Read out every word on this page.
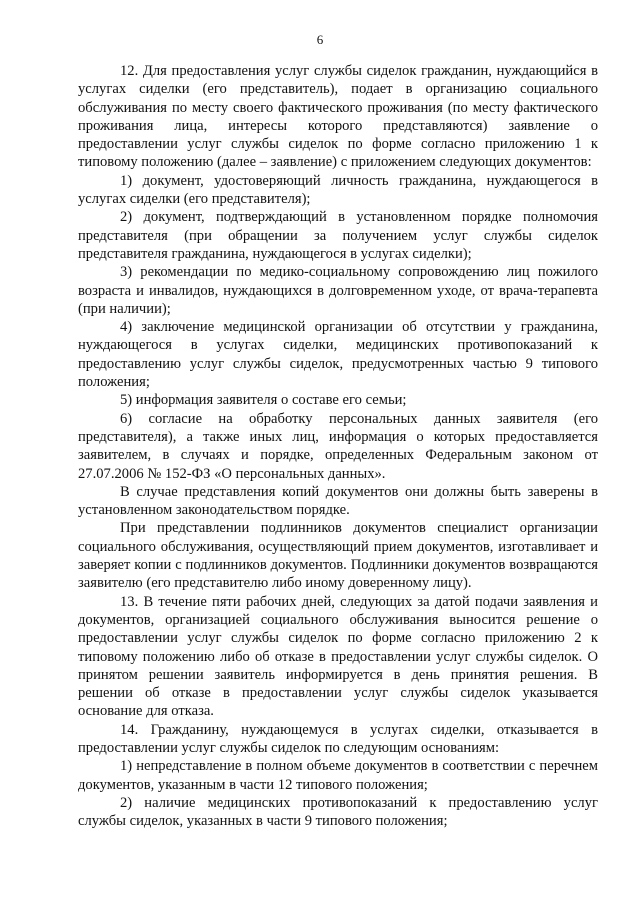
6

12. Для предоставления услуг службы сиделок гражданин, нуждающийся в услугах сиделки (его представитель), подает в организацию социального обслуживания по месту своего фактического проживания (по месту фактического проживания лица, интересы которого представляются) заявление о предоставлении услуг службы сиделок по форме согласно приложению 1 к типовому положению (далее – заявление) с приложением следующих документов:

1) документ, удостоверяющий личность гражданина, нуждающегося в услугах сиделки (его представителя);

2) документ, подтверждающий в установленном порядке полномочия представителя (при обращении за получением услуг службы сиделок представителя гражданина, нуждающегося в услугах сиделки);

3) рекомендации по медико-социальному сопровождению лиц пожилого возраста и инвалидов, нуждающихся в долговременном уходе, от врача-терапевта (при наличии);

4) заключение медицинской организации об отсутствии у гражданина, нуждающегося в услугах сиделки, медицинских противопоказаний к предоставлению услуг службы сиделок, предусмотренных частью 9 типового положения;

5) информация заявителя о составе его семьи;

6) согласие на обработку персональных данных заявителя (его представителя), а также иных лиц, информация о которых предоставляется заявителем, в случаях и порядке, определенных Федеральным законом от 27.07.2006 № 152-ФЗ «О персональных данных».

В случае представления копий документов они должны быть заверены в установленном законодательством порядке.

При представлении подлинников документов специалист организации социального обслуживания, осуществляющий прием документов, изготавливает и заверяет копии с подлинников документов. Подлинники документов возвращаются заявителю (его представителю либо иному доверенному лицу).

13. В течение пяти рабочих дней, следующих за датой подачи заявления и документов, организацией социального обслуживания выносится решение о предоставлении услуг службы сиделок по форме согласно приложению 2 к типовому положению либо об отказе в предоставлении услуг службы сиделок. О принятом решении заявитель информируется в день принятия решения. В решении об отказе в предоставлении услуг службы сиделок указывается основание для отказа.

14. Гражданину, нуждающемуся в услугах сиделки, отказывается в предоставлении услуг службы сиделок по следующим основаниям:

1) непредставление в полном объеме документов в соответствии с перечнем документов, указанным в части 12 типового положения;

2) наличие медицинских противопоказаний к предоставлению услуг службы сиделок, указанных в части 9 типового положения;
